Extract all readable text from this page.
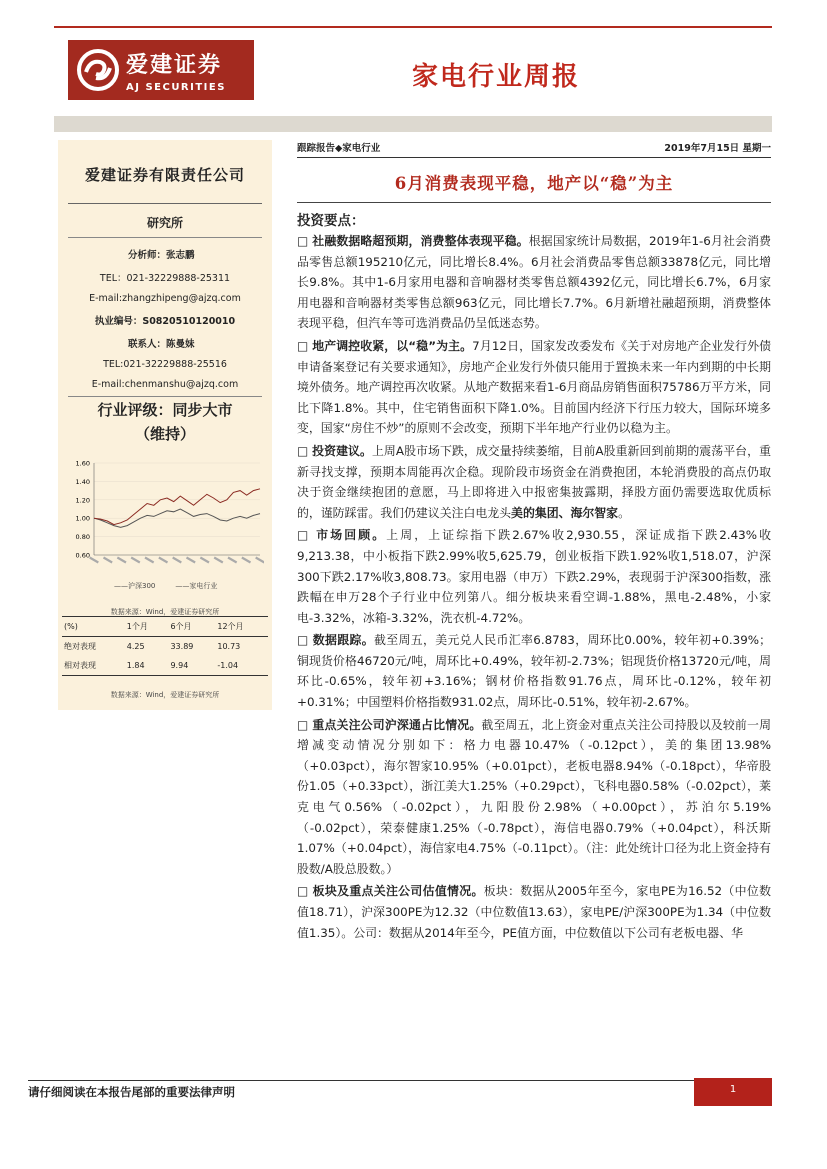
爱建证券
AJ SECURITIES	家电行业周报
爱建证券有限责任公司
研究所
分析师：张志鹏
TEL：021-32229888-25311
E-mail:zhangzhipeng@ajzq.com
执业编号：S0820510120010
联系人：陈曼妹
TEL:021-32229888-25516
E-mail:chenmanshu@ajzq.com
行业评级：同步大市
（维持）
1.60
1.40
1.20
1.00
0.80
0.60
——沪深300	——家电行业
数据来源：Wind，爱建证券研究所
(%)	1个月	6个月	12个月
绝对表现	4.25	33.89	10.73
相对表现	1.84	9.94	-1.04
数据来源：Wind，爱建证券研究所
跟踪报告◆家电行业	2019年7月15日 星期一
6月消费表现平稳，地产以“稳”为主
投资要点：

□ 社融数据略超预期，消费整体表现平稳。根据国家统计局数据，2019年1-6月社会消费品零售总额195210亿元，同比增长8.4%。6月社会消费品零售总额33878亿元，同比增长9.8%。其中1-6月家用电器和音响器材类零售总额4392亿元，同比增长6.7%，6月家用电器和音响器材类零售总额963亿元，同比增长7.7%。6月新增社融超预期，消费整体表现平稳，但汽车等可选消费品仍呈低迷态势。

□ 地产调控收紧，以“稳”为主。7月12日，国家发改委发布《关于对房地产企业发行外债申请备案登记有关要求通知》，房地产企业发行外债只能用于置换未来一年内到期的中长期境外债务。地产调控再次收紧。从地产数据来看1-6月商品房销售面积75786万平方米，同比下降1.8%。其中，住宅销售面积下降1.0%。目前国内经济下行压力较大，国际环境多变，国家“房住不炒”的原则不会改变，预期下半年地产行业仍以稳为主。

□ 投资建议。上周A股市场下跌，成交量持续萎缩，目前A股重新回到前期的震荡平台，重新寻找支撑，预期本周能再次企稳。现阶段市场资金在消费抱团，本轮消费股的高点仍取决于资金继续抱团的意愿，马上即将进入中报密集披露期，择股方面仍需要选取优质标的，谨防踩雷。我们仍建议关注白电龙头美的集团、海尔智家。

□ 市场回顾。上周，上证综指下跌2.67%收2,930.55，深证成指下跌2.43%收9,213.38，中小板指下跌2.99%收5,625.79，创业板指下跌1.92%收1,518.07，沪深300下跌2.17%收3,808.73。家用电器（申万）下跌2.29%，表现弱于沪深300指数，涨跌幅在申万28个子行业中位列第八。细分板块来看空调-1.88%，黑电-2.48%，小家电-3.32%，冰箱-3.32%，洗衣机-4.72%。

□ 数据跟踪。截至周五，美元兑人民币汇率6.8783，周环比0.00%，较年初+0.39%；铜现货价格46720元/吨，周环比+0.49%，较年初-2.73%；铝现货价格13720元/吨，周环比-0.65%，较年初+3.16%；钢材价格指数91.76点，周环比-0.12%，较年初+0.31%；中国塑料价格指数931.02点，周环比-0.51%，较年初-2.67%。

□ 重点关注公司沪深通占比情况。截至周五，北上资金对重点关注公司持股以及较前一周增减变动情况分别如下：格力电器10.47%（-0.12pct），美的集团13.98%（+0.03pct），海尔智家10.95%（+0.01pct），老板电器8.94%（-0.18pct），华帝股份1.05（+0.33pct），浙江美大1.25%（+0.29pct），飞科电器0.58%（-0.02pct），莱克电气0.56%（-0.02pct），九阳股份2.98%（+0.00pct），苏泊尔5.19%（-0.02pct），荣泰健康1.25%（-0.78pct），海信电器0.79%（+0.04pct），科沃斯1.07%（+0.04pct），海信家电4.75%（-0.11pct）。（注：此处统计口径为北上资金持有股数/A股总股数。）

□ 板块及重点关注公司估值情况。板块：数据从2005年至今，家电PE为16.52（中位数值18.71），沪深300PE为12.32（中位数值13.63），家电PE/沪深300PE为1.34（中位数值1.35）。公司：数据从2014年至今，PE值方面，中位数值以下公司有老板电器、华

请仔细阅读在本报告尾部的重要法律声明	1
